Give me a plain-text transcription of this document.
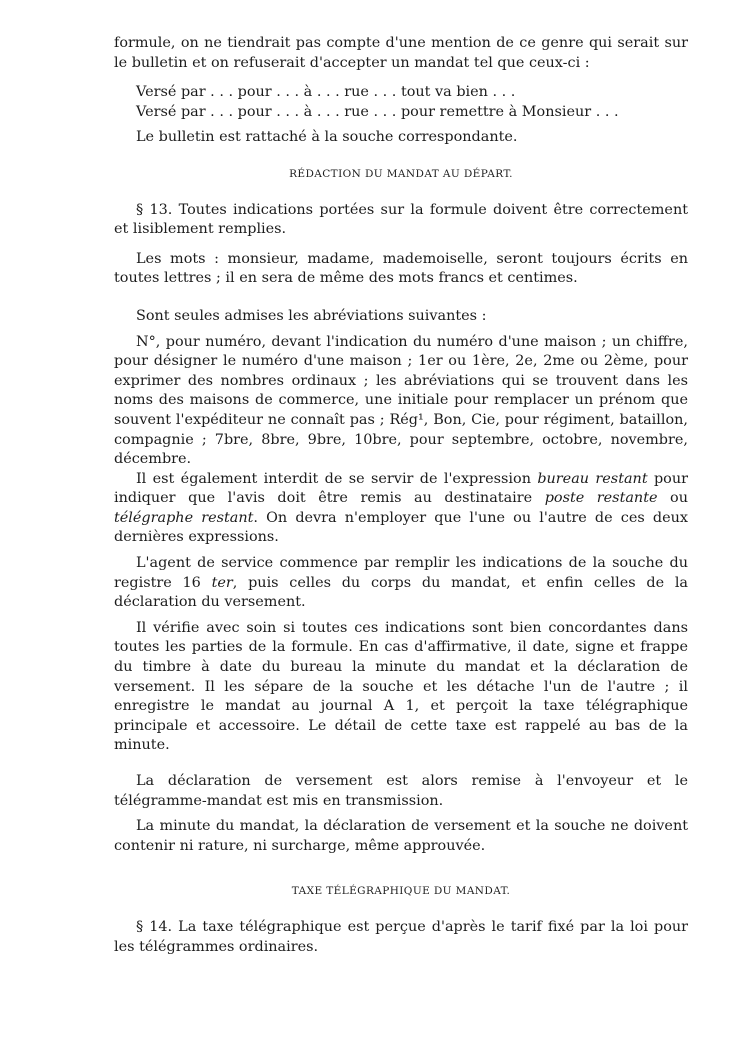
formule, on ne tiendrait pas compte d'une mention de ce genre qui serait sur le bulletin et on refuserait d'accepter un mandat tel que ceux-ci :

Versé par . . . pour . . . à . . . rue . . . tout va bien . . .

Versé par . . . pour . . . à . . . rue . . . pour remettre à Monsieur . . .

Le bulletin est rattaché à la souche correspondante.

RÉDACTION DU MANDAT AU DÉPART.

§ 13. Toutes indications portées sur la formule doivent être correctement et lisiblement remplies.

Les mots : monsieur, madame, mademoiselle, seront toujours écrits en toutes lettres ; il en sera de même des mots francs et centimes.

Sont seules admises les abréviations suivantes :

N°, pour numéro, devant l'indication du numéro d'une maison ; un chiffre, pour désigner le numéro d'une maison ; 1er ou 1ère, 2e, 2me ou 2ème, pour exprimer des nombres ordinaux ; les abréviations qui se trouvent dans les noms des maisons de commerce, une initiale pour remplacer un prénom que souvent l'expéditeur ne connaît pas ; Rég¹, Bon, Cie, pour régiment, bataillon, compagnie ; 7bre, 8bre, 9bre, 10bre, pour septembre, octobre, novembre, décembre.

Il est également interdit de se servir de l'expression bureau restant pour indiquer que l'avis doit être remis au destinataire poste restante ou télégraphe restant. On devra n'employer que l'une ou l'autre de ces deux dernières expressions.

L'agent de service commence par remplir les indications de la souche du registre 16 ter, puis celles du corps du mandat, et enfin celles de la déclaration du versement.

Il vérifie avec soin si toutes ces indications sont bien concordantes dans toutes les parties de la formule. En cas d'affirmative, il date, signe et frappe du timbre à date du bureau la minute du mandat et la déclaration de versement. Il les sépare de la souche et les détache l'un de l'autre ; il enregistre le mandat au journal A 1, et perçoit la taxe télégraphique principale et accessoire. Le détail de cette taxe est rappelé au bas de la minute.

La déclaration de versement est alors remise à l'envoyeur et le télégramme-mandat est mis en transmission.

La minute du mandat, la déclaration de versement et la souche ne doivent contenir ni rature, ni surcharge, même approuvée.

TAXE TÉLÉGRAPHIQUE DU MANDAT.

§ 14. La taxe télégraphique est perçue d'après le tarif fixé par la loi pour les télégrammes ordinaires.
